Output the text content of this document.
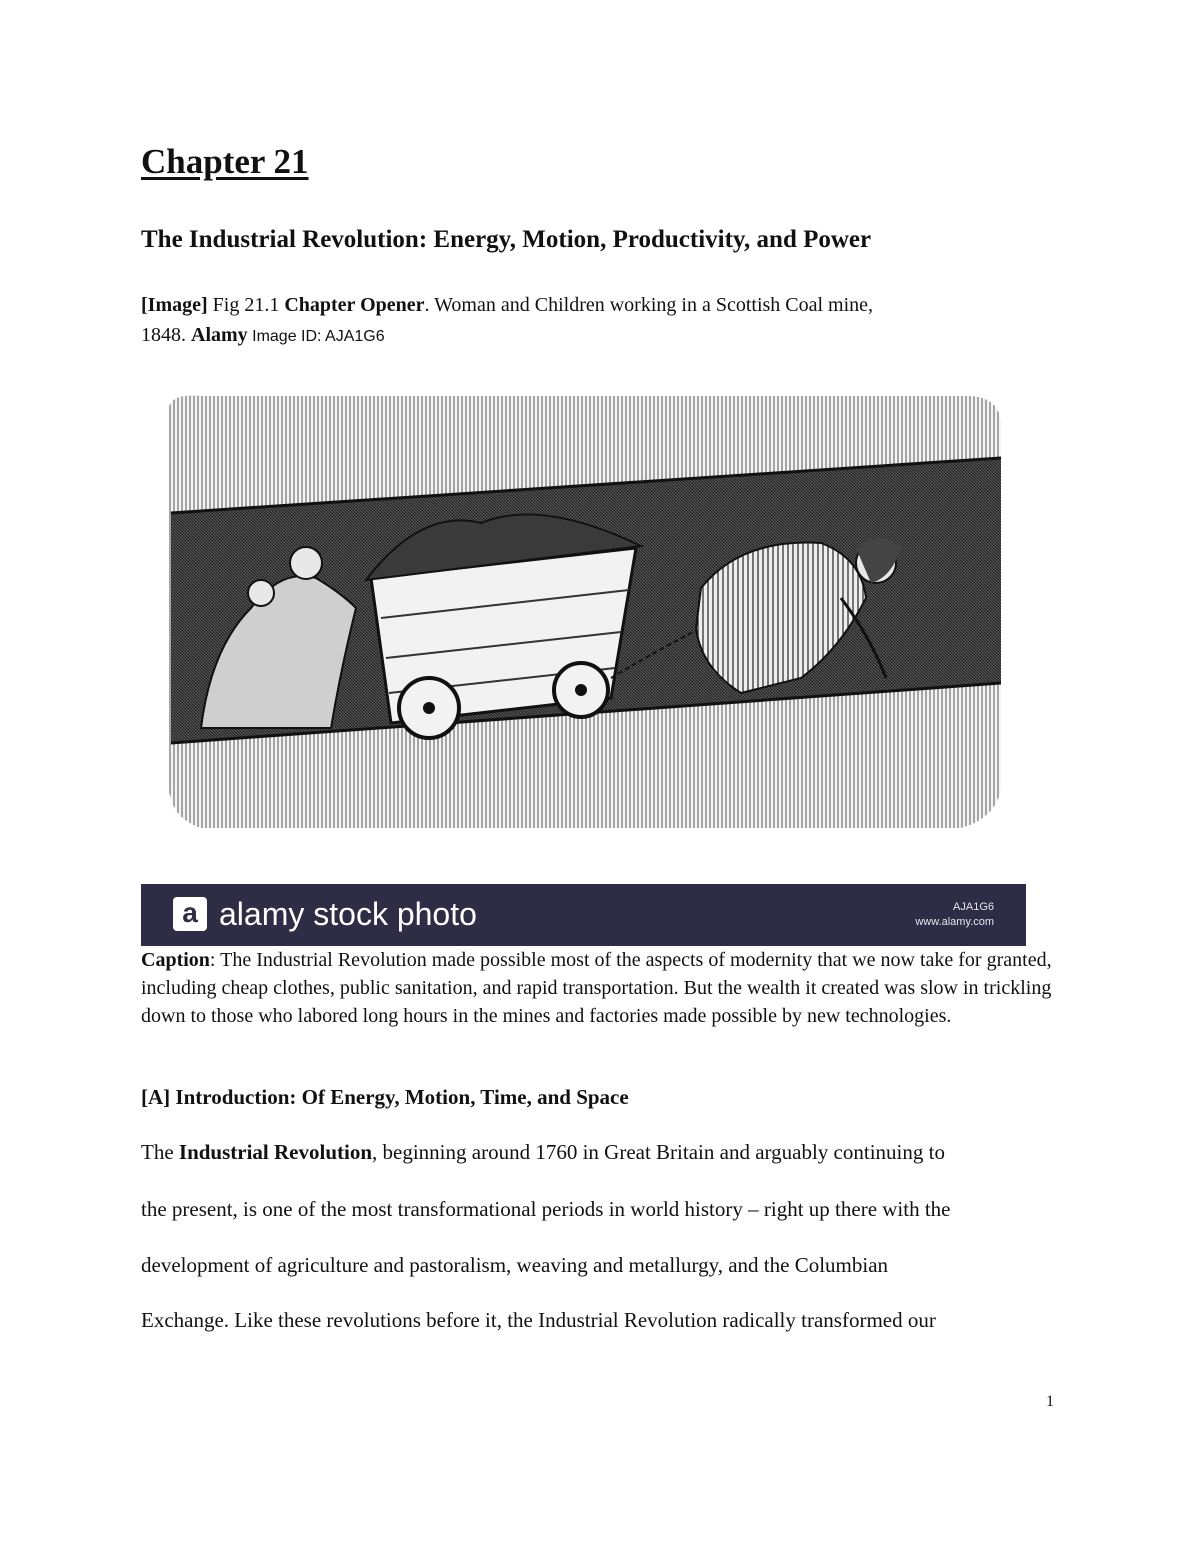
Chapter 21
The Industrial Revolution: Energy, Motion, Productivity, and Power

[Image] Fig 21.1 Chapter Opener. Woman and Children working in a Scottish Coal mine,

1848. Alamy Image ID: AJA1G6

a alamy stock photo	AJA1G6
www.alamy.com

Caption: The Industrial Revolution made possible most of the aspects of modernity that we now take for granted, including cheap clothes, public sanitation, and rapid transportation. But the wealth it created was slow in trickling down to those who labored long hours in the mines and factories made possible by new technologies.

[A] Introduction: Of Energy, Motion, Time, and Space

The Industrial Revolution, beginning around 1760 in Great Britain and arguably continuing to

the present, is one of the most transformational periods in world history – right up there with the

development of agriculture and pastoralism, weaving and metallurgy, and the Columbian

Exchange. Like these revolutions before it, the Industrial Revolution radically transformed our

1
